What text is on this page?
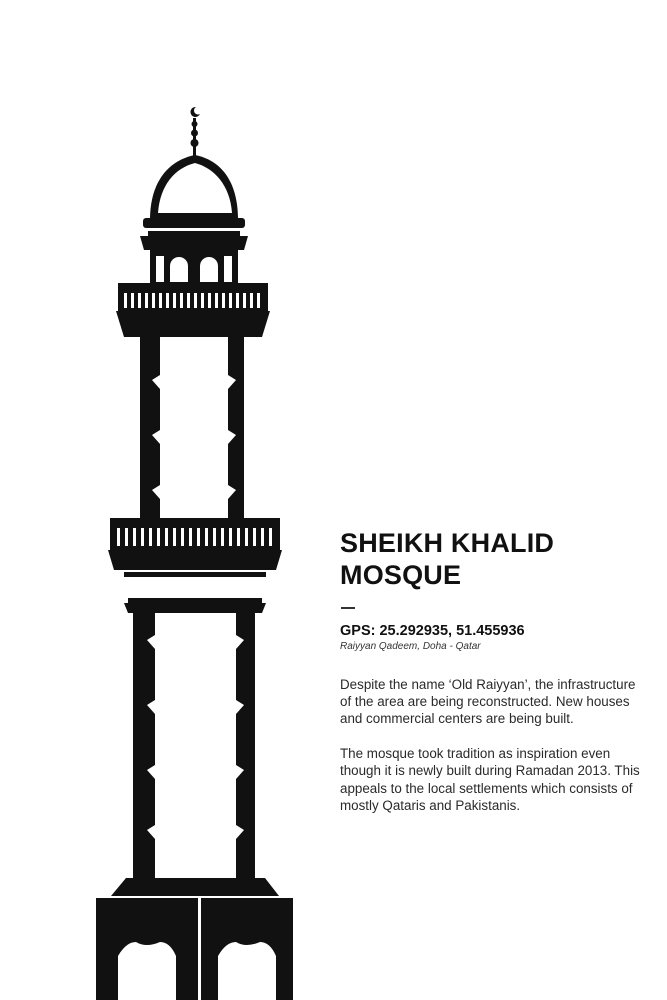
SHEIKH KHALID
MOSQUE
GPS: 25.292935, 51.455936
Raiyyan Qadeem, Doha - Qatar

Despite the name ‘Old Raiyyan’, the infrastructure of the area are being reconstructed. New houses and commercial centers are being built.

The mosque took tradition as inspiration even though it is newly built during Ramadan 2013. This appeals to the local settlements which consists of mostly Qataris and Pakistanis.
